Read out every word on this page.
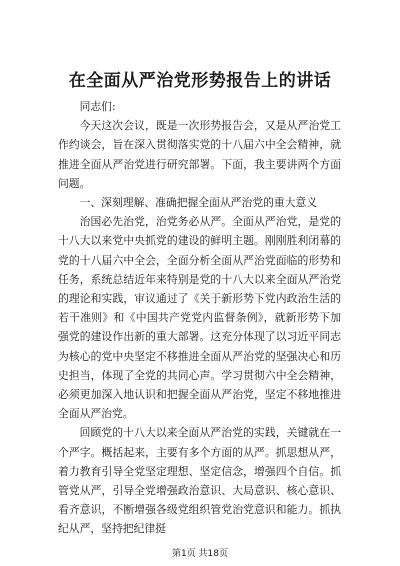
在全面从严治党形势报告上的讲话

同志们:

今天这次会议，既是一次形势报告会，又是从严治党工作约谈会，旨在深入贯彻落实党的十八届六中全会精神，就推进全面从严治党进行研究部署。下面，我主要讲两个方面问题。

一、深刻理解、准确把握全面从严治党的重大意义

治国必先治党，治党务必从严。全面从严治党，是党的十八大以来党中央抓党的建设的鲜明主题。刚刚胜利闭幕的党的十八届六中全会，全面分析全面从严治党面临的形势和任务，系统总结近年来特别是党的十八大以来全面从严治党的理论和实践，审议通过了《关于新形势下党内政治生活的若干准则》和《中国共产党党内监督条例》，就新形势下加强党的建设作出新的重大部署。这充分体现了以习近平同志为核心的党中央坚定不移推进全面从严治党的坚强决心和历史担当，体现了全党的共同心声。学习贯彻六中全会精神，必须更加深入地认识和把握全面从严治党，坚定不移地推进全面从严治党。

回顾党的十八大以来全面从严治党的实践，关键就在一个严字。概括起来，主要有多个方面的从严。抓思想从严，着力教育引导全党坚定理想、坚定信念，增强四个自信。抓管党从严，引导全党增强政治意识、大局意识、核心意识、看齐意识，不断增强各级党组织管党治党意识和能力。抓执纪从严，坚持把纪律挺

第1页 共18页
